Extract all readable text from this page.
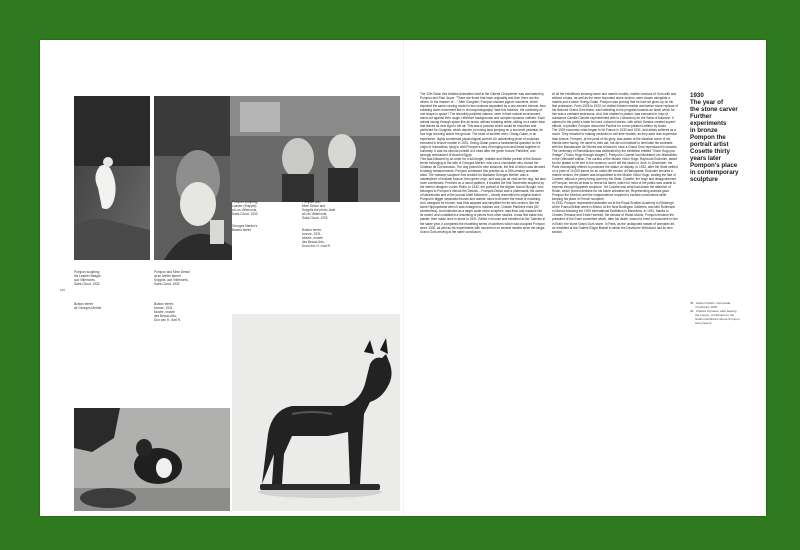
Pompon sculpting
his Leather Beagle,
aux Villemonts,
Saint-Cloud, 1932.
Boston terrier
de Georges Mertier.
Pompon and Mme Delsol
at an Atelier farmer
Snippits, aux Villemonts,
Saint-Cloud, 1932.
Boston terrier,
bronze, 1931.
Musée, musée
des Beaux-Arts,
Don van H. d'art R.
Pompon sculpting
Loaster (Snippet)
at Les Villemonts,
Saint-Cloud, 1932.
Georges Mertier's
Boston terrier.
Pompon with
Mme Delsol and
Snippits the photo Jade
at Les Villemonts,
Saint-Cloud, 1932.
Boston terrier,
bronze, 1931.
Musée, musée
des Beaux-Arts,
Doun est. H. d'art R.
162
The 12th Salon des Artistes Animaliers held at the Galerie Charpentier was dominated by Pompon and Paul Jouve. "There are those that have originality and then there are the others. In the manner of ..." After Gonghier, Pompon showed pigeon counterts, which depicted the same running model in two versions separated by a one-second interval, thus breaking down movement like in chronophotography. Was this futurism, the continuity of one shape in space? The smoothly polished natures, seen in their natural environment, stand out against their rough, reflective backgrounds and complex dynamic outlines. Each animal swung through space like an arrow, without breaking stride, sliding on a water bear that leaves its next sign in the air. This was a process which would be reworked and perfected for Gonghier, which depicts a running bear jumping on a two-level pedestal, its four legs hovering above the ground. The head of another work, Orang-Outan, is an expressive, highly condensed psychological portrait. An astonishing piece of sculpture executed in bronze marble in 1931, Orang-Outan poses a fundamental question on the origin of humankind, tying in with Pompon's idea of bringing man and beast together in humanity. It was his second portrait of a head after the green bronze Panthère, and strongly reminiscent of Ancient Egypt.
This was followed by an order for a full-length, realistic and lifelike portrait of the Boston terrier belonging to the wife of Georges Mertier, who ran a chocolatier who owned the Château de Chenonceau. The dog posed for nine sessions, the first of which was devoted to taking measurements. Pompon confessed this practice as a 19th-century animalier artist. The massive sculpture Ami created for Madame Georges Mertier, was a masterpiece of ecstatic bronze, then green onyx, and was just as vivid as the dog, but also more condensed. Perched on a round platform, it recalled the first Tourterelle acquired by the interior designer Lucien Rollin. In 1932, the portrait of the Afghan hound Sloughi, who belonged to Pompon's friends the Delsols – François Delsol was a pharmacist, the owner of laboratories and of the journal Artlet Médecine – clearly resembled its original sketch. Pompon's bigger separated bronze and marble, since both were the result of modeling. Ami, designed for bronze, was thus adopted and simplified for its new version, like the stone Hippopotame when it was enlarged to medium size. Grande Panthère noire (82 centimeters). And intended as a larger scale stone sculpture, was thick and massive like its model, and constituted a reworking of pieces from other studies. It was first made into plaster, then made once in stone in 1931. Edited in bronze and exhibited at the Tuileries in the same year, it completed the modelling series of panthers which had occupied Pompon since 1920, as well as his experiments with movement on several models since the single Grand Ours arriving at the same conclusion.
At all the exhibitions showing stone and marble models, marble versions of Ours with and without a base, as well as the more important stone version, were shown alongside a marble and a stone Orang-Outan. Pompon was proving that he had not given up on his first profession. From 1925 to 1933, he crafted thirteen marble and twelve stone replicas of his reduced Grand Ours blanc, each attesting to his progress towards an ideal, which for him was a constant endeavour. And, first studied in plaster, was executed in onyx (a substance Camille Claudel experimented with in L'Abandon) for the Salon d'Automne. It catered to the public's taste for hard, coloured stones, with which Sandoz created superb effects. In parallel, Pompon retouched Poulbot for a new polished edition by Andro.
The 1929 economic crisis began to hit France in 1930 and 1931, and artists suffered as a result. They resorted to making ceramics to sell their models, as they were less expensive than bronze. Pompon, at the peak of his glory, was aware of the situation some of his friends were facing. He came to their aid, but did not hesitate to terminate his contracts with the Manufacture de Sèvres and refused to have a Grand Ours reproduced in ceramic.
The centenary of Romanticism was celebrated by the exhibition entitled "Victor Hugo par l'image" ("Victor Hugo through images"). Pompon's Cosette had illustrated Les Misérables in the Ollendorff edition. The curator of the Musée Victor Hugo, Raymond Escholier, asked for the plaster to be lent to the museum, and it left the studio in June. In December, the Paris municipality offered to purchase the statue on display. In 1932, after the State settled on a price of 10,000 francs for an under-life version of Hatsuyama, Escholier secured a marble version, the plaster was bequeathed to the Musée Victor Hugo, sealing the fate of Cosette, without a penny being spent by the State. Cosette, the huge and disappointment of Pompon, served at least to reveal his talent, which for most of the public was unable to express through figurative sculpture. Yet Cosette was what had drawn the attention of Rodin, which proved decisive for his future animalier art. Representing animals gave Pompon the freedom and the independence required to eschew conventions while keeping his place in French sculpture.
In 1930, Pompon represented animalier art at the Royal Scottish Academy in Edinburgh, at the Franco-British week in Bristol, at the New Burlington Galleries, and with Ruhlmann in Monza following the 1929 International Exhibition in Barcelona. In 1931, thanks to Charles Terrasse and Emile Humblot, the senator of Haute-Marne, Pompon became the president of the Erain committee which, after his death, vowed to erect a monument to him in Erain: the stone Grand Ours stone. In Paris, as the undisputed master of animalier art, he exhibited at the Galerie Edgar Brandt in which the Deutscher Werkbund had its own section.
1930
The year of
the stone carver
Further
experiments
in bronze
Pompon the
portrait artist
Cosette thirty
years later
Pompon's place
in contemporary
sculpture
45   Gaston Paulin, Gonnesde,
4 February 1930.
46   Charles Terrasse, after leaving
the Louvre, contributed to the
Studio exhibitions where Pompon
was present.
